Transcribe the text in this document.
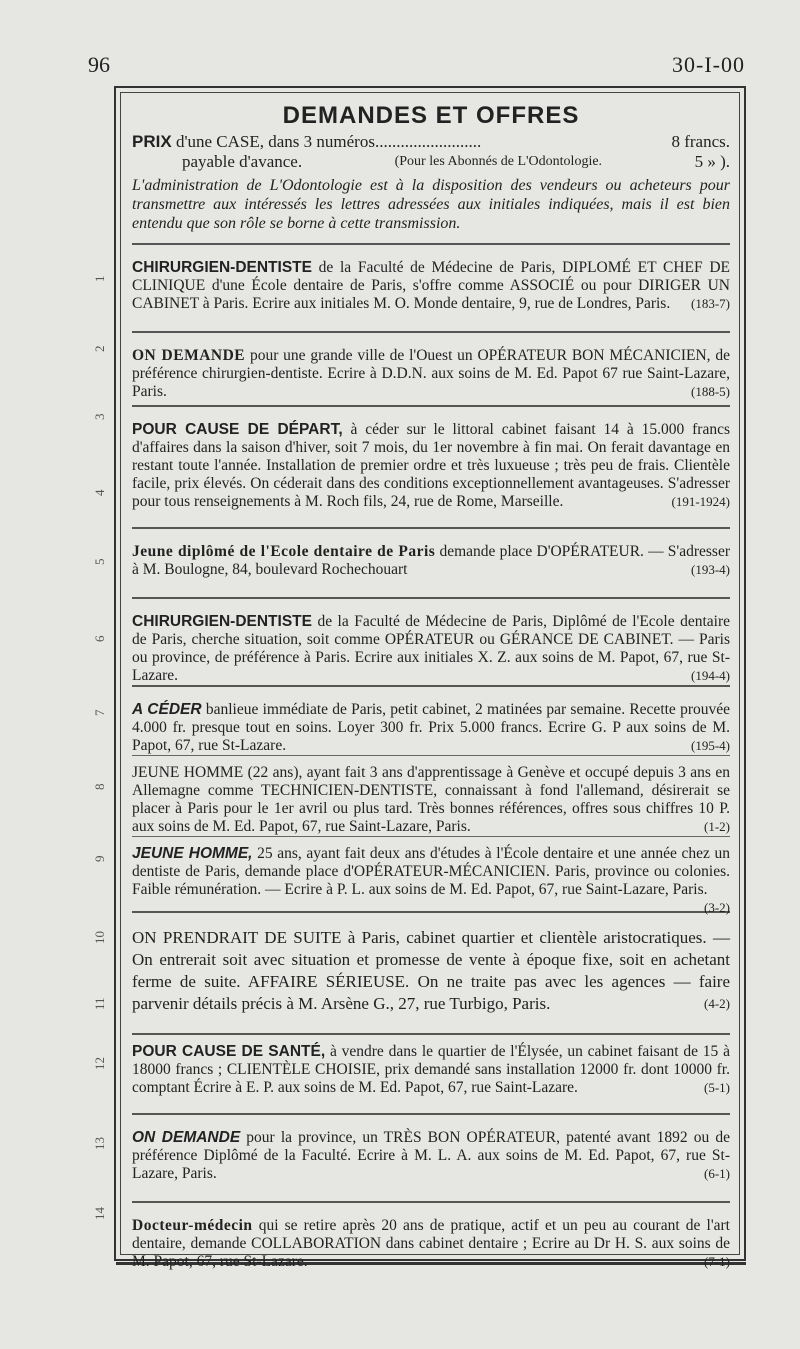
96	30-I-00
1
2
3
4
5
6
7
8
9
10
11
12
13
14
DEMANDES ET OFFRES
PRIX d'une CASE, dans 3 numéros.........................	8 francs.
payable d'avance.	(Pour les Abonnés de L'Odontologie.	5 » ).
L'administration de L'Odontologie est à la disposition des vendeurs ou acheteurs pour transmettre aux intéressés les lettres adressées aux initiales indiquées, mais il est bien entendu que son rôle se borne à cette transmission.
CHIRURGIEN-DENTISTE de la Faculté de Médecine de Paris, DIPLOMÉ ET CHEF DE CLINIQUE d'une École dentaire de Paris, s'offre comme ASSOCIÉ ou pour DIRIGER UN CABINET à Paris. Ecrire aux initiales M. O. Monde dentaire, 9, rue de Londres, Paris. (183-7)
ON DEMANDE pour une grande ville de l'Ouest un OPÉRATEUR BON MÉCANICIEN, de préférence chirurgien-dentiste. Ecrire à D.D.N. aux soins de M. Ed. Papot 67 rue Saint-Lazare, Paris.	(188-5)
POUR CAUSE DE DÉPART, à céder sur le littoral cabinet faisant 14 à 15.000 francs d'affaires dans la saison d'hiver, soit 7 mois, du 1er novembre à fin mai. On ferait davantage en restant toute l'année. Installation de premier ordre et très luxueuse ; très peu de frais. Clientèle facile, prix élevés. On céderait dans des conditions exceptionnellement avantageuses. S'adresser pour tous renseignements à M. Roch fils, 24, rue de Rome, Marseille.	(191-1924)
Jeune diplômé de l'Ecole dentaire de Paris demande place D'OPÉRATEUR. — S'adresser à M. Boulogne, 84, boulevard Rochechouart	(193-4)
CHIRURGIEN-DENTISTE de la Faculté de Médecine de Paris, Diplômé de l'Ecole dentaire de Paris, cherche situation, soit comme OPÉRATEUR ou GÉRANCE DE CABINET. — Paris ou province, de préférence à Paris. Ecrire aux initiales X. Z. aux soins de M. Papot, 67, rue St-Lazare.	(194-4)
A CÉDER banlieue immédiate de Paris, petit cabinet, 2 matinées par semaine. Recette prouvée 4.000 fr. presque tout en soins. Loyer 300 fr. Prix 5.000 francs. Ecrire G. P aux soins de M. Papot, 67, rue St-Lazare.	(195-4)
JEUNE HOMME (22 ans), ayant fait 3 ans d'apprentissage à Genève et occupé depuis 3 ans en Allemagne comme TECHNICIEN-DENTISTE, connaissant à fond l'allemand, désirerait se placer à Paris pour le 1er avril ou plus tard. Très bonnes références, offres sous chiffres 10 P. aux soins de M. Ed. Papot, 67, rue Saint-Lazare, Paris.	(1-2)
JEUNE HOMME, 25 ans, ayant fait deux ans d'études à l'École dentaire et une année chez un dentiste de Paris, demande place d'OPÉRATEUR-MÉCANICIEN. Paris, province ou colonies. Faible rémunération. — Ecrire à P. L. aux soins de M. Ed. Papot, 67, rue Saint-Lazare, Paris.
(3-2)
ON PRENDRAIT DE SUITE à Paris, cabinet quartier et clientèle aristocratiques. — On entrerait soit avec situation et promesse de vente à époque fixe, soit en achetant ferme de suite. AFFAIRE SÉRIEUSE. On ne traite pas avec les agences — faire parvenir détails précis à M. Arsène G., 27, rue Turbigo, Paris.	(4-2)
POUR CAUSE DE SANTÉ, à vendre dans le quartier de l'Élysée, un cabinet faisant de 15 à 18000 francs ; CLIENTÈLE CHOISIE, prix demandé sans installation 12000 fr. dont 10000 fr. comptant Écrire à E. P. aux soins de M. Ed. Papot, 67, rue Saint-Lazare.	(5-1)
ON DEMANDE pour la province, un TRÈS BON OPÉRATEUR, patenté avant 1892 ou de préférence Diplômé de la Faculté. Ecrire à M. L. A. aux soins de M. Ed. Papot, 67, rue St-Lazare, Paris.	(6-1)
Docteur-médecin qui se retire après 20 ans de pratique, actif et un peu au courant de l'art dentaire, demande COLLABORATION dans cabinet dentaire ; Ecrire au Dr H. S. aux soins de M. Papot, 67, rue St-Lazare.	(7-1)
